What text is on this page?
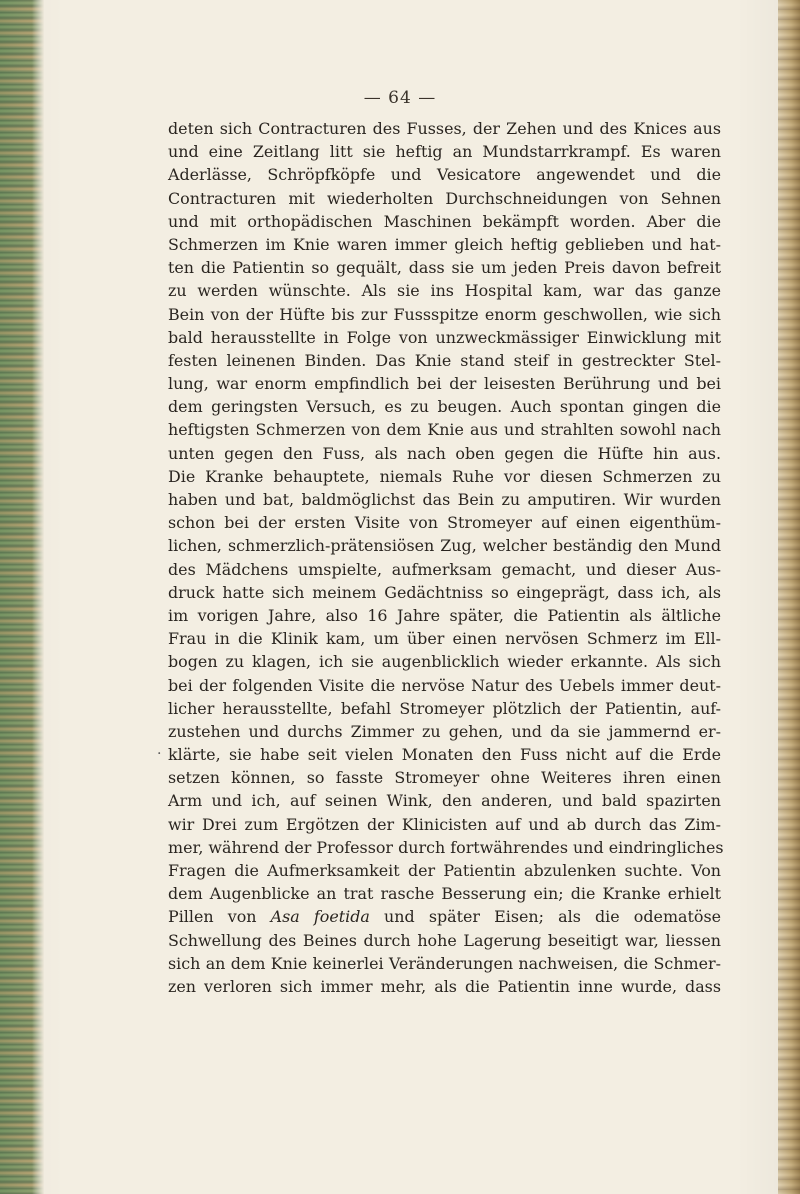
— 64 —
.
deten sich Contracturen des Fusses, der Zehen und des Knices aus
und eine Zeitlang litt sie heftig an Mundstarrkrampf. Es waren
Aderlässe, Schröpfköpfe und Vesicatore angewendet und die
Contracturen mit wiederholten Durchschneidungen von Sehnen
und mit orthopädischen Maschinen bekämpft worden. Aber die
Schmerzen im Knie waren immer gleich heftig geblieben und hat-
ten die Patientin so gequält, dass sie um jeden Preis davon befreit
zu werden wünschte. Als sie ins Hospital kam, war das ganze
Bein von der Hüfte bis zur Fussspitze enorm geschwollen, wie sich
bald herausstellte in Folge von unzweckmässiger Einwicklung mit
festen leinenen Binden. Das Knie stand steif in gestreckter Stel-
lung, war enorm empfindlich bei der leisesten Berührung und bei
dem geringsten Versuch, es zu beugen. Auch spontan gingen die
heftigsten Schmerzen von dem Knie aus und strahlten sowohl nach
unten gegen den Fuss, als nach oben gegen die Hüfte hin aus.
Die Kranke behauptete, niemals Ruhe vor diesen Schmerzen zu
haben und bat, baldmöglichst das Bein zu amputiren. Wir wurden
schon bei der ersten Visite von Stromeyer auf einen eigenthüm-
lichen, schmerzlich-prätensiösen Zug, welcher beständig den Mund
des Mädchens umspielte, aufmerksam gemacht, und dieser Aus-
druck hatte sich meinem Gedächtniss so eingeprägt, dass ich, als
im vorigen Jahre, also 16 Jahre später, die Patientin als ältliche
Frau in die Klinik kam, um über einen nervösen Schmerz im Ell-
bogen zu klagen, ich sie augenblicklich wieder erkannte. Als sich
bei der folgenden Visite die nervöse Natur des Uebels immer deut-
licher herausstellte, befahl Stromeyer plötzlich der Patientin, auf-
zustehen und durchs Zimmer zu gehen, und da sie jammernd er-
klärte, sie habe seit vielen Monaten den Fuss nicht auf die Erde
setzen können, so fasste Stromeyer ohne Weiteres ihren einen
Arm und ich, auf seinen Wink, den anderen, und bald spazirten
wir Drei zum Ergötzen der Klinicisten auf und ab durch das Zim-
mer, während der Professor durch fortwährendes und eindringliches
Fragen die Aufmerksamkeit der Patientin abzulenken suchte. Von
dem Augenblicke an trat rasche Besserung ein; die Kranke erhielt
Pillen von Asa foetida und später Eisen; als die odematöse
Schwellung des Beines durch hohe Lagerung beseitigt war, liessen
sich an dem Knie keinerlei Veränderungen nachweisen, die Schmer-
zen verloren sich immer mehr, als die Patientin inne wurde, dass
